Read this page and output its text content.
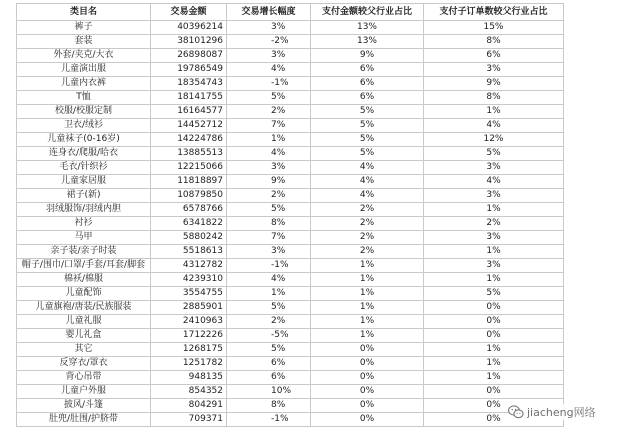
类目名	交易金额	交易增长幅度	支付金额较父行业占比	支付子订单数较父行业占比
裤子	40396214	3%	13%	15%
套装	38101296	-2%	13%	8%
外套/夹克/大衣	26898087	3%	9%	6%
儿童演出服	19786549	4%	6%	3%
儿童内衣裤	18354743	-1%	6%	9%
T恤	18141755	5%	6%	8%
校服/校服定制	16164577	2%	5%	1%
卫衣/绒衫	14452712	7%	5%	4%
儿童袜子(0-16岁)	14224786	1%	5%	12%
连身衣/爬服/哈衣	13885513	4%	5%	5%
毛衣/针织衫	12215066	3%	4%	3%
儿童家居服	11818897	9%	4%	4%
裙子(新)	10879850	2%	4%	3%
羽绒服饰/羽绒内胆	6578766	5%	2%	1%
衬衫	6341822	8%	2%	2%
马甲	5880242	7%	2%	3%
亲子装/亲子时装	5518613	3%	2%	1%
帽子/围巾/口罩/手套/耳套/脚套	4312782	-1%	1%	3%
棉袄/棉服	4239310	4%	1%	1%
儿童配饰	3554755	1%	1%	5%
儿童旗袍/唐装/民族服装	2885901	5%	1%	0%
儿童礼服	2410963	2%	1%	0%
婴儿礼盒	1712226	-5%	1%	0%
其它	1268175	5%	0%	1%
反穿衣/罩衣	1251782	6%	0%	1%
背心吊带	948135	6%	0%	1%
儿童户外服	854352	10%	0%	0%
披风/斗篷	804291	8%	0%	0%
肚兜/肚围/护脐带	709371	-1%	0%	0% jiacheng网络
